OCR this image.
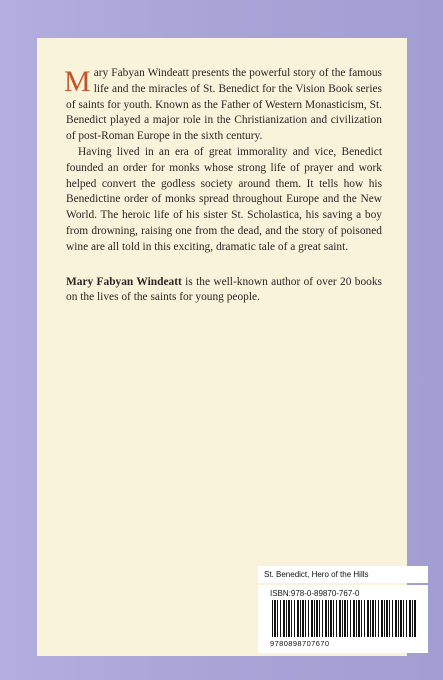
Mary Fabyan Windeatt presents the powerful story of the famous life and the miracles of St. Benedict for the Vision Book series of saints for youth. Known as the Father of Western Monasticism, St. Benedict played a major role in the Christianization and civilization of post-Roman Europe in the sixth century.

Having lived in an era of great immorality and vice, Benedict founded an order for monks whose strong life of prayer and work helped convert the godless society around them. It tells how his Benedictine order of monks spread throughout Europe and the New World. The heroic life of his sister St. Scholastica, his saving a boy from drowning, raising one from the dead, and the story of poisoned wine are all told in this exciting, dramatic tale of a great saint.

Mary Fabyan Windeatt is the well-known author of over 20 books on the lives of the saints for young people.

St. Benedict, Hero of the Hills
ISBN:978-0-89870-767-0
9780898707670
